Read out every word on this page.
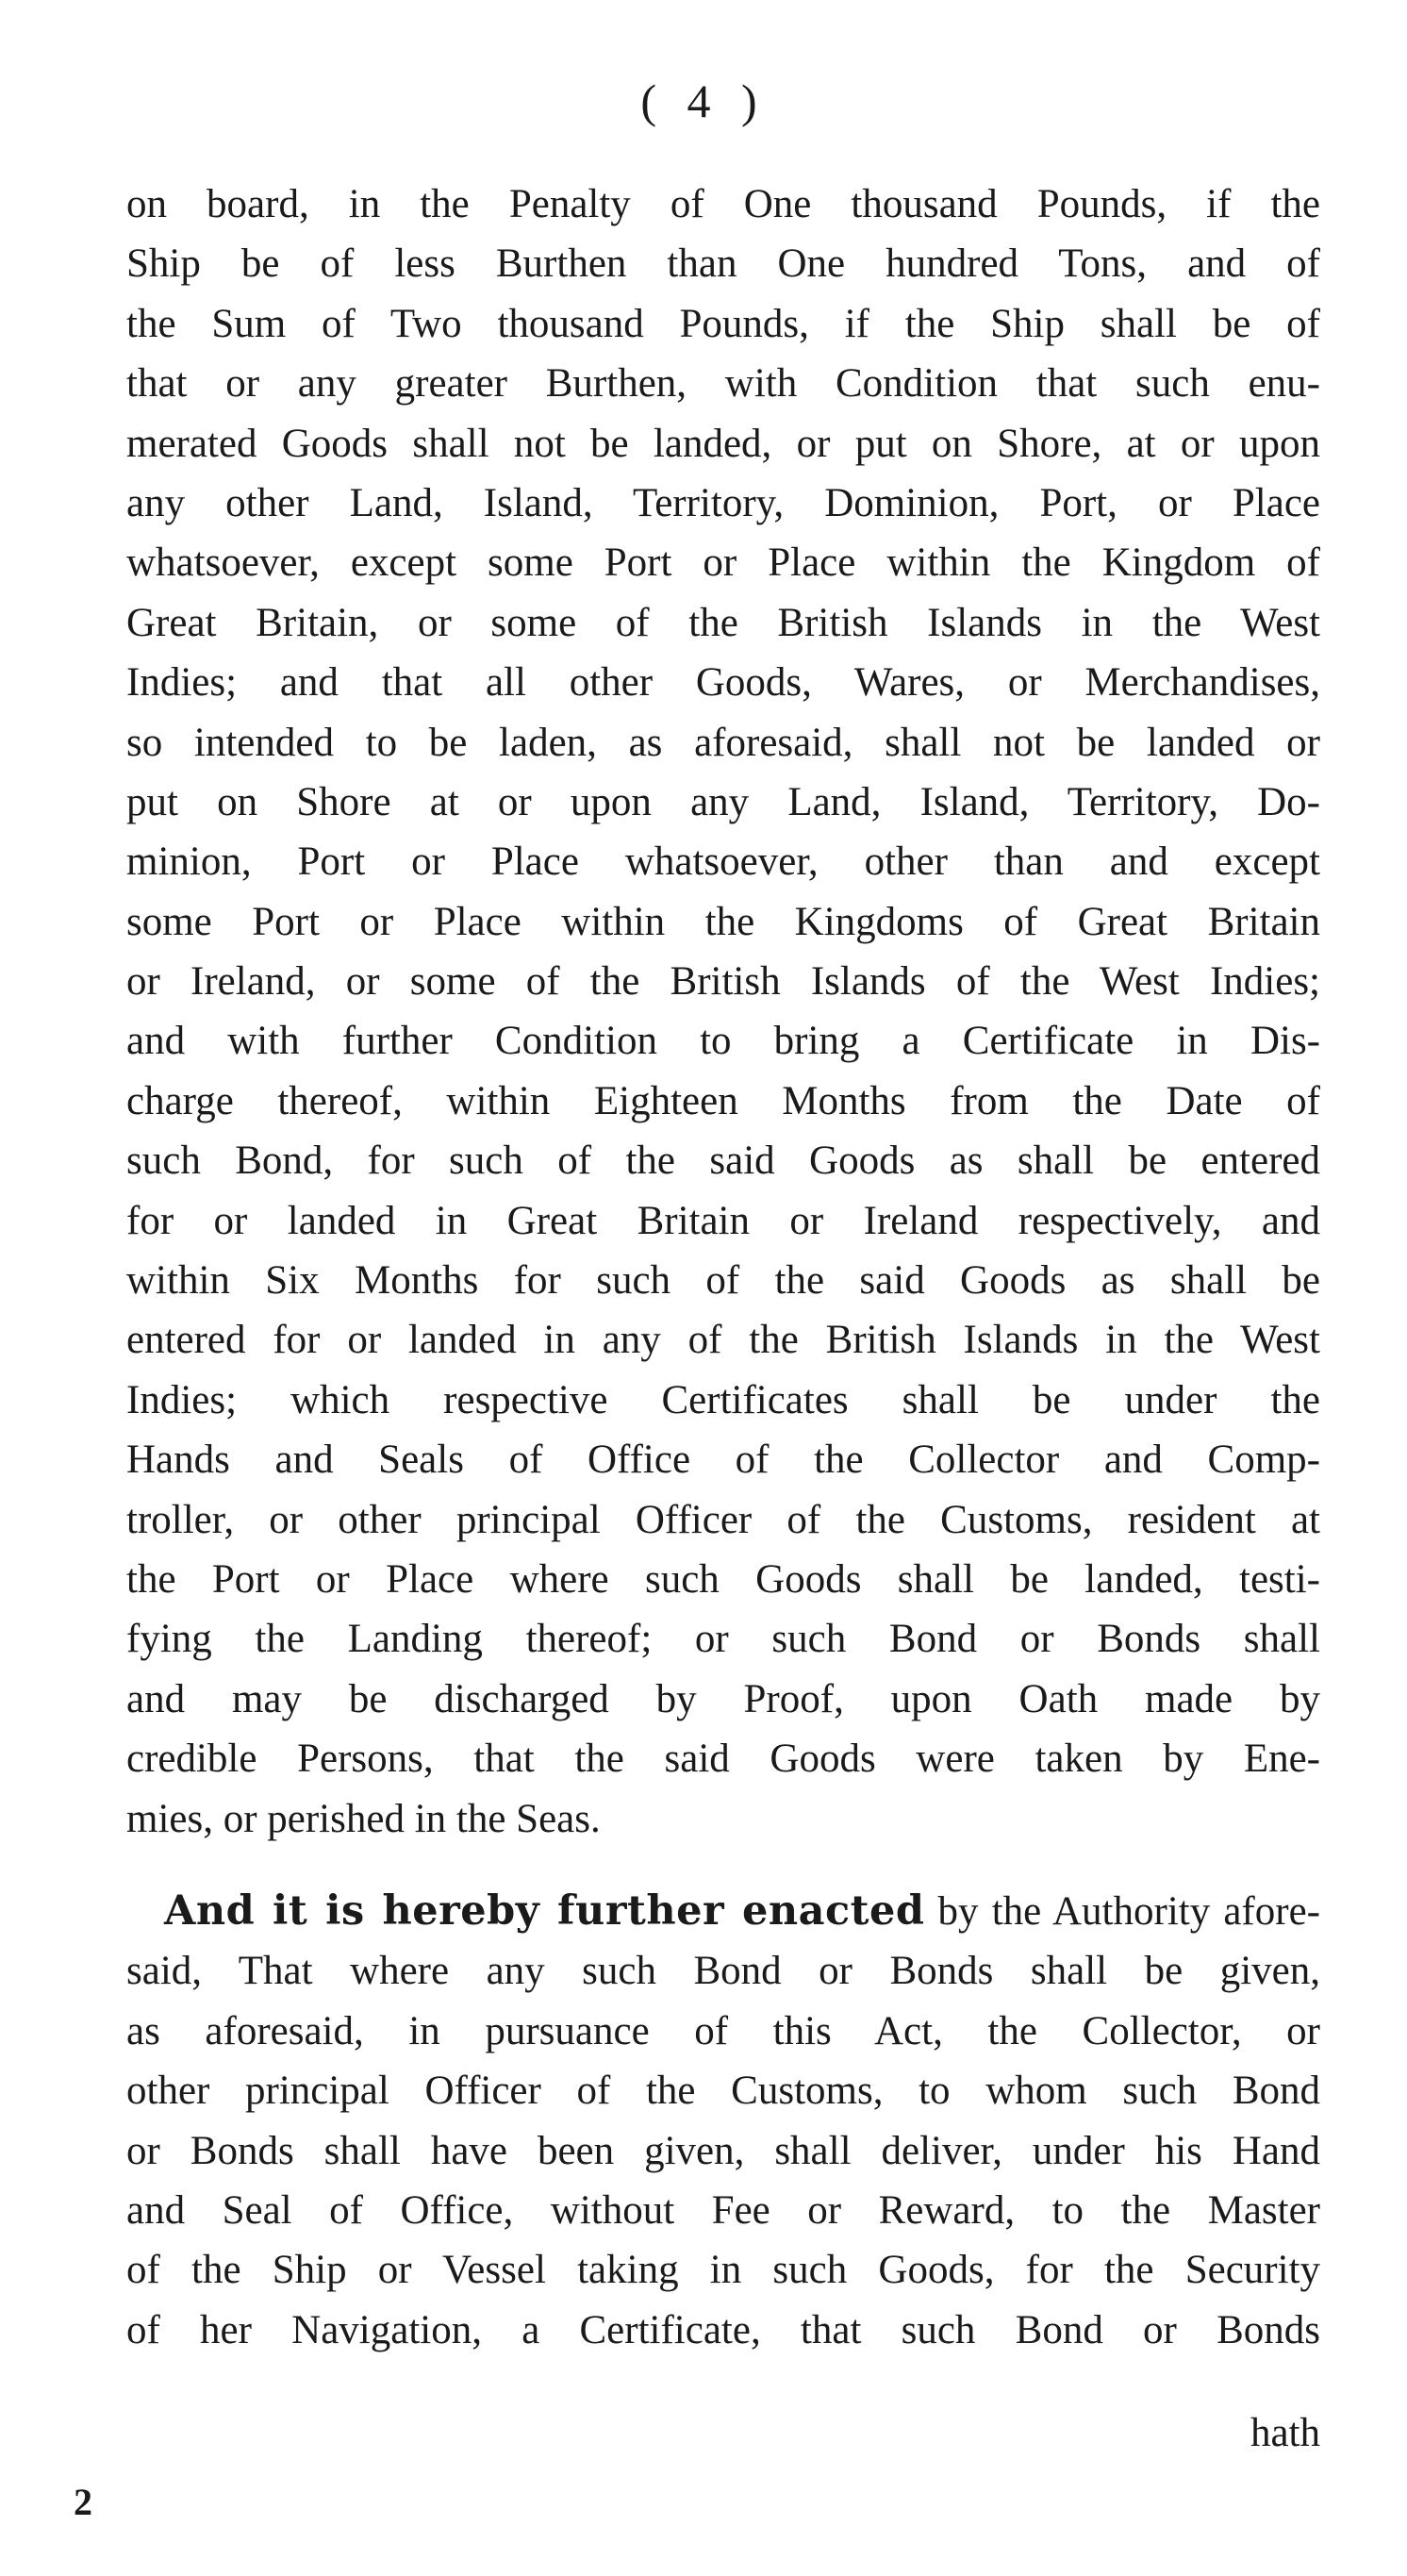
( 4 )
on board, in the Penalty of One thousand Pounds, if the
Ship be of less Burthen than One hundred Tons, and of
the Sum of Two thousand Pounds, if the Ship shall be of
that or any greater Burthen, with Condition that such enu-
merated Goods shall not be landed, or put on Shore, at or upon
any other Land, Island, Territory, Dominion, Port, or Place
whatsoever, except some Port or Place within the Kingdom of
Great Britain, or some of the British Islands in the West
Indies; and that all other Goods, Wares, or Merchandises,
so intended to be laden, as aforesaid, shall not be landed or
put on Shore at or upon any Land, Island, Territory, Do-
minion, Port or Place whatsoever, other than and except
some Port or Place within the Kingdoms of Great Britain
or Ireland, or some of the British Islands of the West Indies;
and with further Condition to bring a Certificate in Dis-
charge thereof, within Eighteen Months from the Date of
such Bond, for such of the said Goods as shall be entered
for or landed in Great Britain or Ireland respectively, and
within Six Months for such of the said Goods as shall be
entered for or landed in any of the British Islands in the West
Indies; which respective Certificates shall be under the
Hands and Seals of Office of the Collector and Comp-
troller, or other principal Officer of the Customs, resident at
the Port or Place where such Goods shall be landed, testi-
fying the Landing thereof; or such Bond or Bonds shall
and may be discharged by Proof, upon Oath made by
credible Persons, that the said Goods were taken by Ene-
mies, or perished in the Seas.
And it is hereby further enacted by the Authority afore-
said, That where any such Bond or Bonds shall be given,
as aforesaid, in pursuance of this Act, the Collector, or
other principal Officer of the Customs, to whom such Bond
or Bonds shall have been given, shall deliver, under his Hand
and Seal of Office, without Fee or Reward, to the Master
of the Ship or Vessel taking in such Goods, for the Security
of her Navigation, a Certificate, that such Bond or Bonds
hath
2
